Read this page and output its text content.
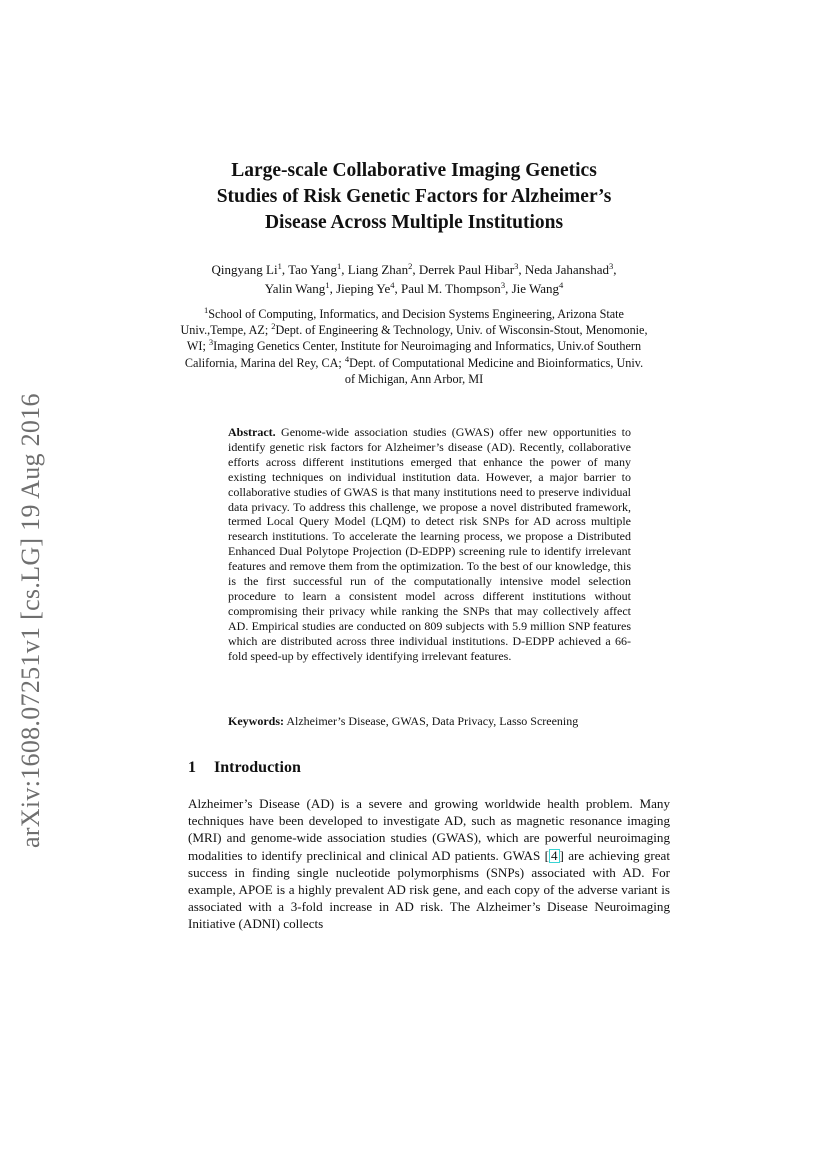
arXiv:1608.07251v1 [cs.LG] 19 Aug 2016
Large-scale Collaborative Imaging Genetics
Studies of Risk Genetic Factors for Alzheimer’s
Disease Across Multiple Institutions
Qingyang Li$^1$, Tao Yang$^1$, Liang Zhan$^2$, Derrek Paul Hibar$^3$, Neda Jahanshad$^3$,
Yalin Wang$^1$, Jieping Ye$^4$, Paul M. Thompson$^3$, Jie Wang$^4$
$^1$School of Computing, Informatics, and Decision Systems Engineering, Arizona State Univ.,Tempe, AZ; $^2$Dept. of Engineering & Technology, Univ. of Wisconsin-Stout, Menomonie, WI; $^3$Imaging Genetics Center, Institute for Neuroimaging and Informatics, Univ.of Southern California, Marina del Rey, CA; $^4$Dept. of Computational Medicine and Bioinformatics, Univ. of Michigan, Ann Arbor, MI

Abstract. Genome-wide association studies (GWAS) offer new opportunities to identify genetic risk factors for Alzheimer’s disease (AD). Recently, collaborative efforts across different institutions emerged that enhance the power of many existing techniques on individual institution data. However, a major barrier to collaborative studies of GWAS is that many institutions need to preserve individual data privacy. To address this challenge, we propose a novel distributed framework, termed Local Query Model (LQM) to detect risk SNPs for AD across multiple research institutions. To accelerate the learning process, we propose a Distributed Enhanced Dual Polytope Projection (D-EDPP) screening rule to identify irrelevant features and remove them from the optimization. To the best of our knowledge, this is the first successful run of the computationally intensive model selection procedure to learn a consistent model across different institutions without compromising their privacy while ranking the SNPs that may collectively affect AD. Empirical studies are conducted on 809 subjects with 5.9 million SNP features which are distributed across three individual institutions. D-EDPP achieved a 66-fold speed-up by effectively identifying irrelevant features.

Keywords: Alzheimer’s Disease, GWAS, Data Privacy, Lasso Screening

1 Introduction

Alzheimer’s Disease (AD) is a severe and growing worldwide health problem. Many techniques have been developed to investigate AD, such as magnetic resonance imaging (MRI) and genome-wide association studies (GWAS), which are powerful neuroimaging modalities to identify preclinical and clinical AD patients. GWAS [ 4 ] are achieving great success in finding single nucleotide polymorphisms (SNPs) associated with AD. For example, APOE is a highly prevalent AD risk gene, and each copy of the adverse variant is associated with a 3-fold increase in AD risk. The Alzheimer’s Disease Neuroimaging Initiative (ADNI) collects
